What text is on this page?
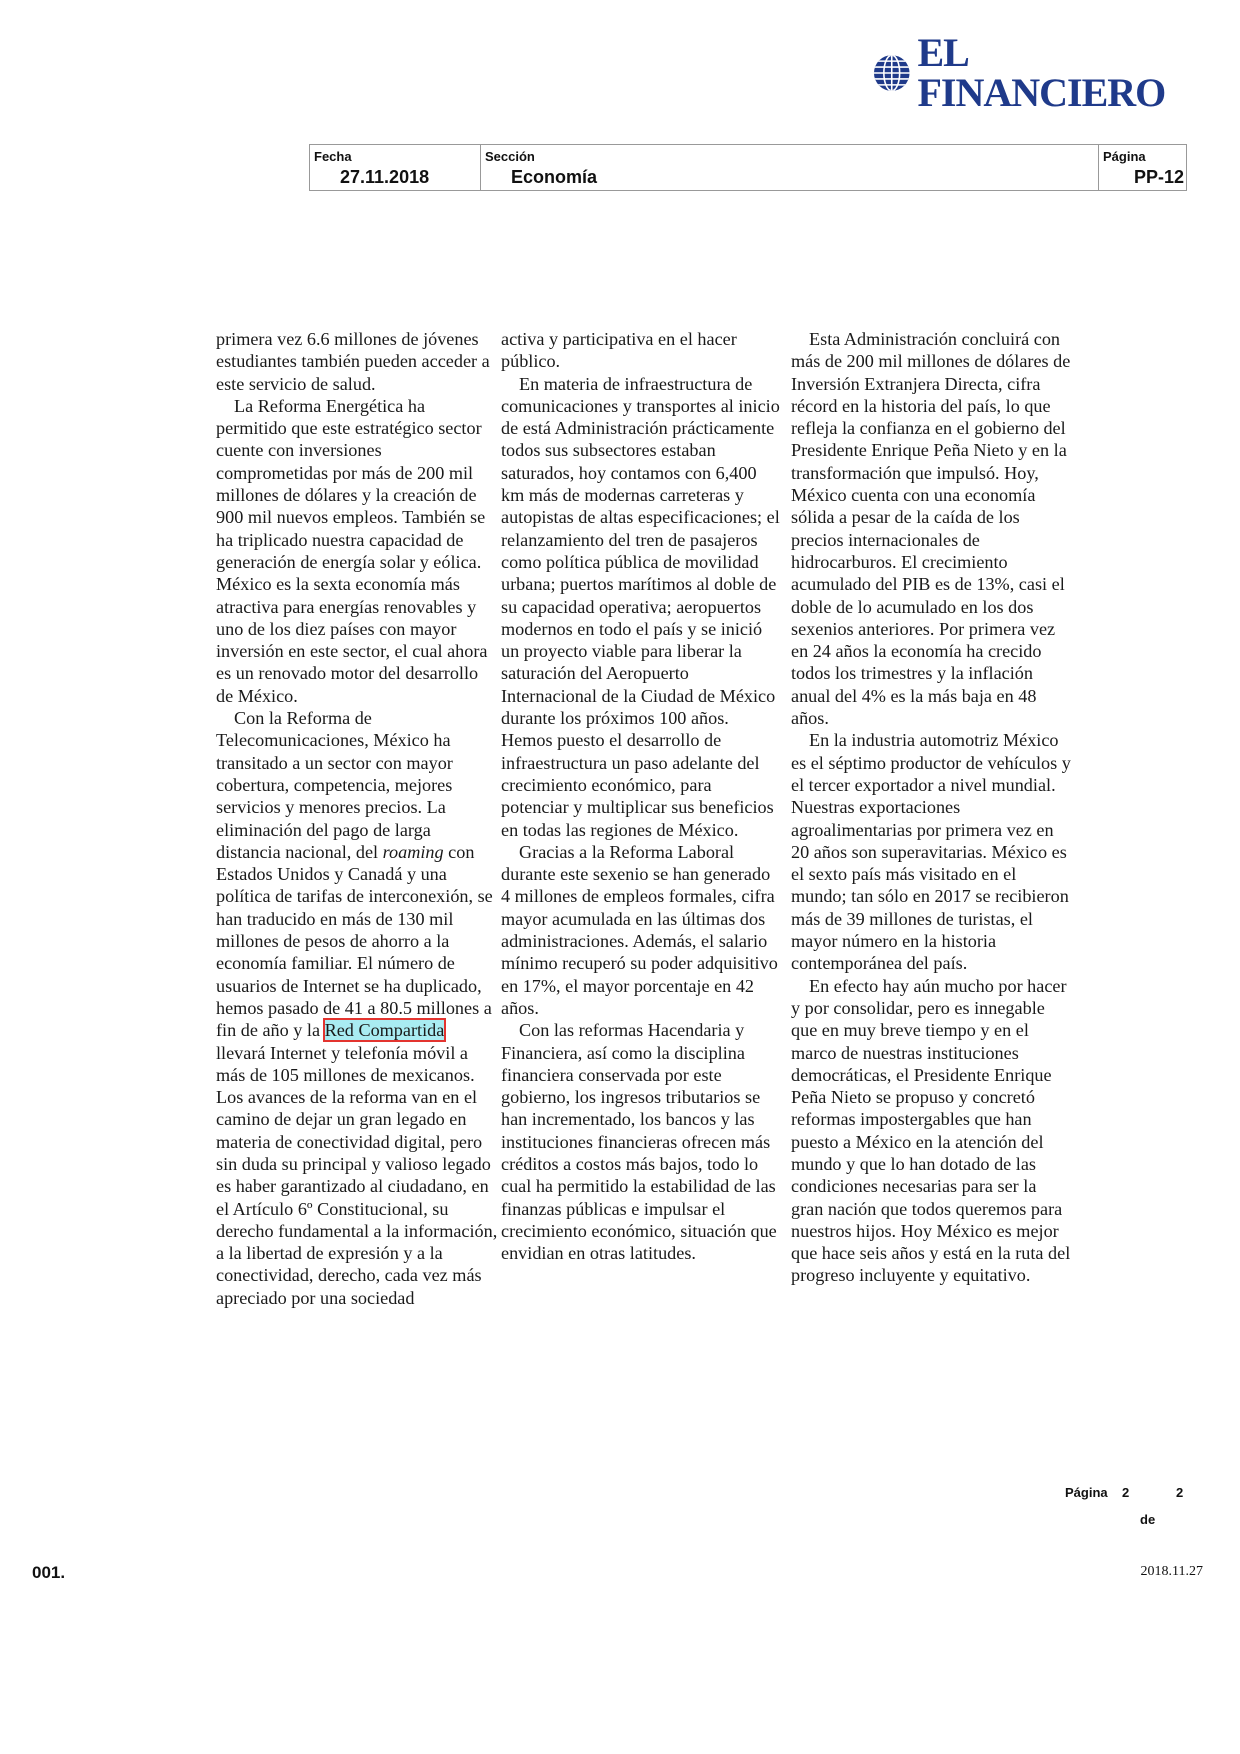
EL FINANCIERO
Fecha
27.11.2018
Sección
Economía
Página
PP-12

primera vez 6.6 millones de jóvenes estudiantes también pueden acceder a este servicio de salud.

La Reforma Energética ha permitido que este estratégico sector cuente con inversiones comprometidas por más de 200 mil millones de dólares y la creación de 900 mil nuevos empleos. También se ha triplicado nuestra capacidad de generación de energía solar y eólica. México es la sexta economía más atractiva para energías renovables y uno de los diez países con mayor inversión en este sector, el cual ahora es un renovado motor del desarrollo de México.

Con la Reforma de Telecomunicaciones, México ha transitado a un sector con mayor cobertura, competencia, mejores servicios y menores precios. La eliminación del pago de larga distancia nacional, del roaming con Estados Unidos y Canadá y una política de tarifas de interconexión, se han traducido en más de 130 mil millones de pesos de ahorro a la economía familiar. El número de usuarios de Internet se ha duplicado, hemos pasado de 41 a 80.5 millones a fin de año y la Red Compartida llevará Internet y telefonía móvil a más de 105 millones de mexicanos. Los avances de la reforma van en el camino de dejar un gran legado en materia de conectividad digital, pero sin duda su principal y valioso legado es haber garantizado al ciudadano, en el Artículo 6º Constitucional, su derecho fundamental a la información, a la libertad de expresión y a la conectividad, derecho, cada vez más apreciado por una sociedad

activa y participativa en el hacer público.

En materia de infraestructura de comunicaciones y transportes al inicio de está Administración prácticamente todos sus subsectores estaban saturados, hoy contamos con 6,400 km más de modernas carreteras y autopistas de altas especificaciones; el relanzamiento del tren de pasajeros como política pública de movilidad urbana; puertos marítimos al doble de su capacidad operativa; aeropuertos modernos en todo el país y se inició un proyecto viable para liberar la saturación del Aeropuerto Internacional de la Ciudad de México durante los próximos 100 años. Hemos puesto el desarrollo de infraestructura un paso adelante del crecimiento económico, para potenciar y multiplicar sus beneficios en todas las regiones de México.

Gracias a la Reforma Laboral durante este sexenio se han generado 4 millones de empleos formales, cifra mayor acumulada en las últimas dos administraciones. Además, el salario mínimo recuperó su poder adquisitivo en 17%, el mayor porcentaje en 42 años.

Con las reformas Hacendaria y Financiera, así como la disciplina financiera conservada por este gobierno, los ingresos tributarios se han incrementado, los bancos y las instituciones financieras ofrecen más créditos a costos más bajos, todo lo cual ha permitido la estabilidad de las finanzas públicas e impulsar el crecimiento económico, situación que envidian en otras latitudes.

Esta Administración concluirá con más de 200 mil millones de dólares de Inversión Extranjera Directa, cifra récord en la historia del país, lo que refleja la confianza en el gobierno del Presidente Enrique Peña Nieto y en la transformación que impulsó. Hoy, México cuenta con una economía sólida a pesar de la caída de los precios internacionales de hidrocarburos. El crecimiento acumulado del PIB es de 13%, casi el doble de lo acumulado en los dos sexenios anteriores. Por primera vez en 24 años la economía ha crecido todos los trimestres y la inflación anual del 4% es la más baja en 48 años.

En la industria automotriz México es el séptimo productor de vehículos y el tercer exportador a nivel mundial. Nuestras exportaciones agroalimentarias por primera vez en 20 años son superavitarias. México es el sexto país más visitado en el mundo; tan sólo en 2017 se recibieron más de 39 millones de turistas, el mayor número en la historia contemporánea del país.

En efecto hay aún mucho por hacer y por consolidar, pero es innegable que en muy breve tiempo y en el marco de nuestras instituciones democráticas, el Presidente Enrique Peña Nieto se propuso y concretó reformas impostergables que han puesto a México en la atención del mundo y que lo han dotado de las condiciones necesarias para ser la gran nación que todos queremos para nuestros hijos. Hoy México es mejor que hace seis años y está en la ruta del progreso incluyente y equitativo.

Página 2	2
de
001.	2018.11.27
